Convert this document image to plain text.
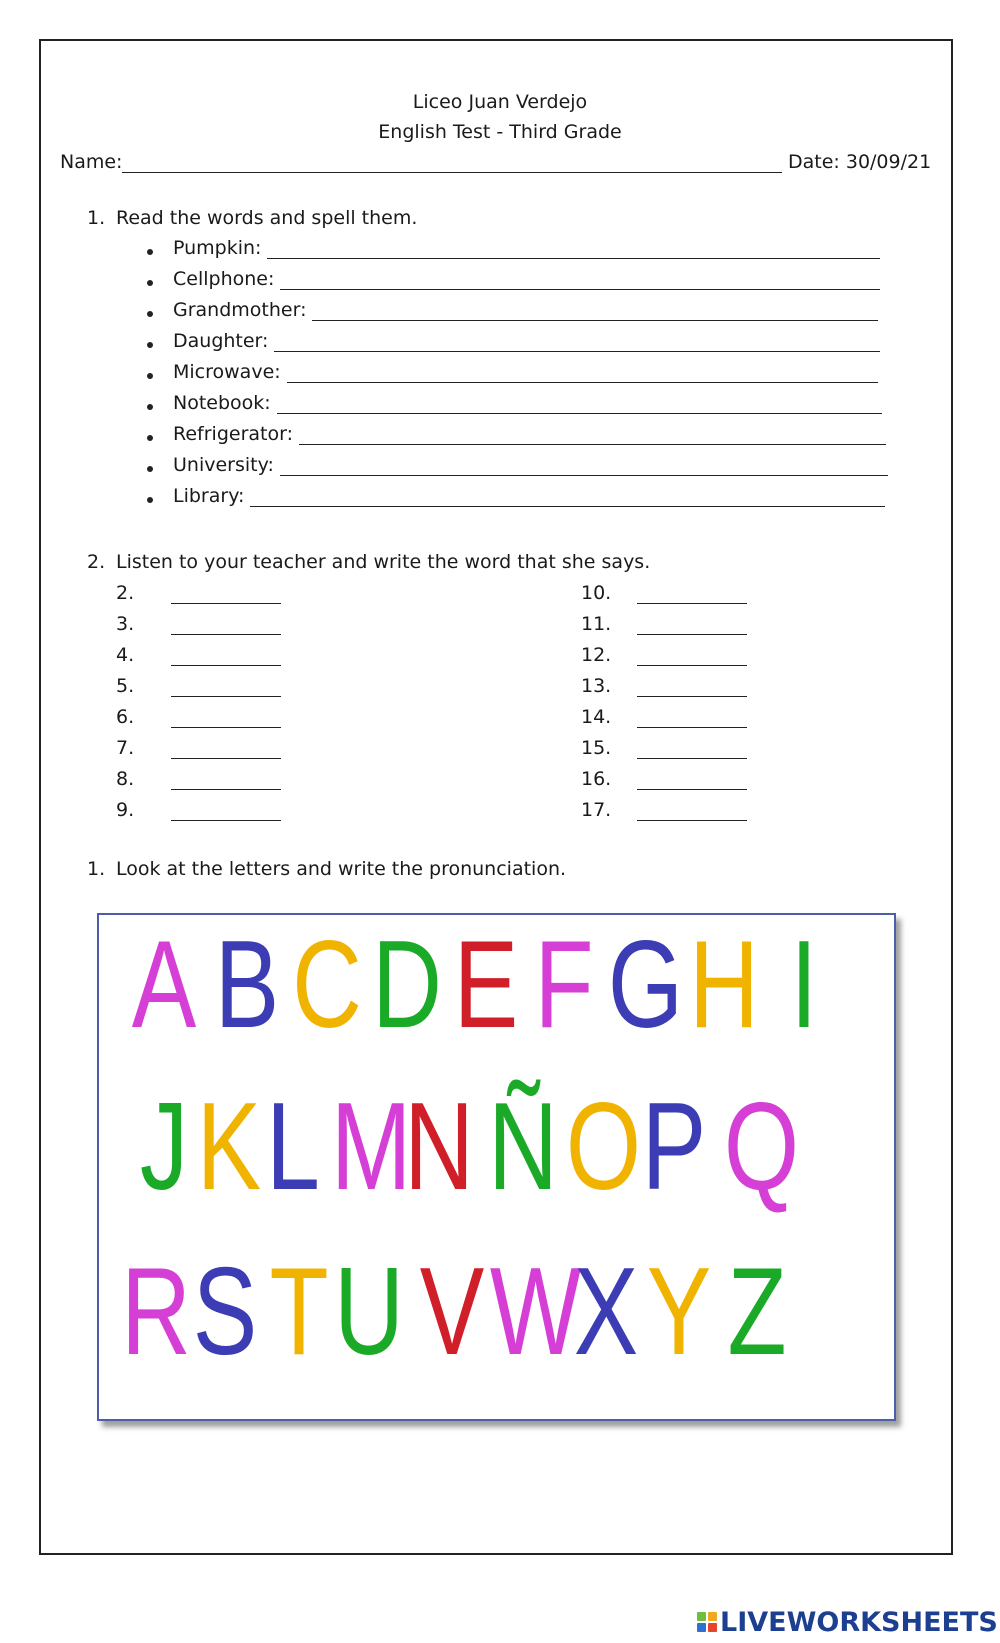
Liceo Juan Verdejo
English Test - Third Grade
Name:	Date: 30/09/21
1. Read the words and spell them.
Pumpkin:
Cellphone:
Grandmother:
Daughter:
Microwave:
Notebook:
Refrigerator:
University:
Library:
2. Listen to your teacher and write the word that she says.
2.
3.
4.
5.
6.
7.
8.
9.
10.
11.
12.
13.
14.
15.
16.
17.
1. Look at the letters and write the pronunciation.
A B C D E F G H I
J K L M
N Ñ O P Q
R S T U V W
X Y Z
LIVEWORKSHEETS
